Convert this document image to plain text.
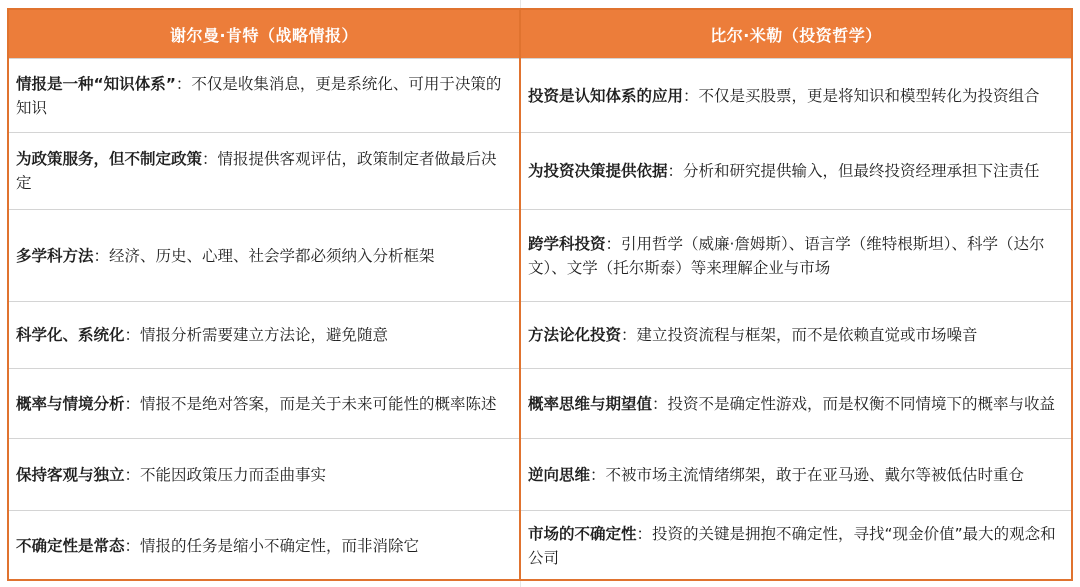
谢尔曼·肯特（战略情报）
情报是一种“知识体系”：不仅是收集消息，更是系统化、可用于决策的知识
为政策服务，但不制定政策：情报提供客观评估，政策制定者做最后决定
多学科方法：经济、历史、心理、社会学都必须纳入分析框架
科学化、系统化：情报分析需要建立方法论，避免随意
概率与情境分析：情报不是绝对答案，而是关于未来可能性的概率陈述
保持客观与独立：不能因政策压力而歪曲事实
不确定性是常态：情报的任务是缩小不确定性，而非消除它
比尔·米勒（投资哲学）
投资是认知体系的应用：不仅是买股票，更是将知识和模型转化为投资组合
为投资决策提供依据：分析和研究提供输入，但最终投资经理承担下注责任
跨学科投资：引用哲学（威廉·詹姆斯）、语言学（维特根斯坦）、科学（达尔文）、文学（托尔斯泰）等来理解企业与市场
方法论化投资：建立投资流程与框架，而不是依赖直觉或市场噪音
概率思维与期望值：投资不是确定性游戏，而是权衡不同情境下的概率与收益
逆向思维：不被市场主流情绪绑架，敢于在亚马逊、戴尔等被低估时重仓
市场的不确定性：投资的关键是拥抱不确定性，寻找“现金价值”最大的观念和公司
